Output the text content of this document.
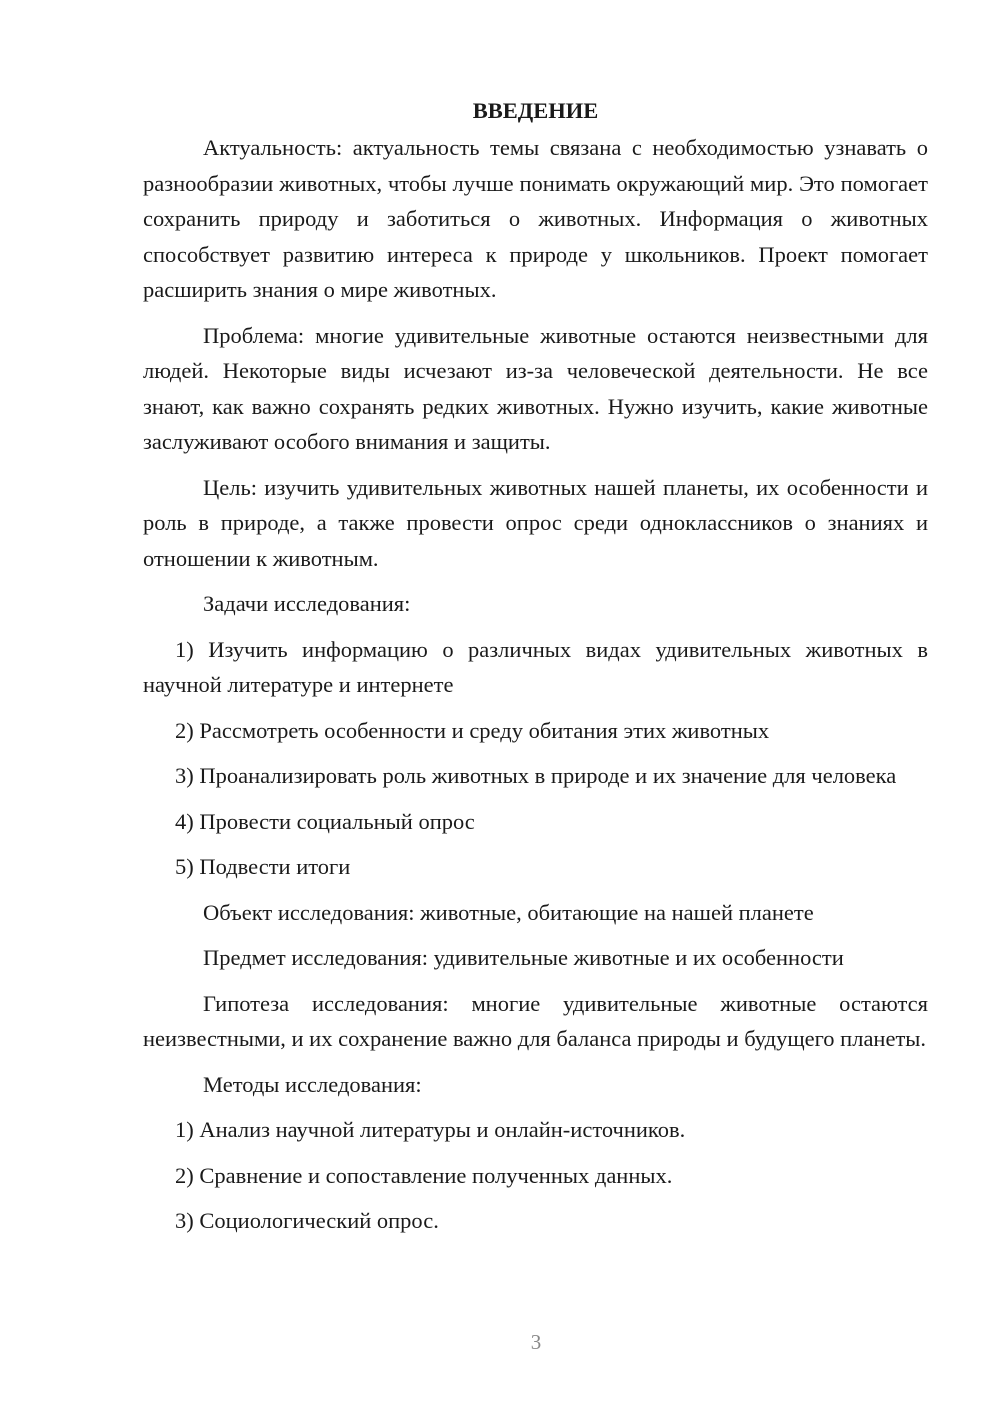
ВВЕДЕНИЕ

Актуальность: актуальность темы связана с необходимостью узнавать о разнообразии животных, чтобы лучше понимать окружающий мир. Это помогает сохранить природу и заботиться о животных. Информация о животных способствует развитию интереса к природе у школьников. Проект помогает расширить знания о мире животных.

Проблема: многие удивительные животные остаются неизвестными для людей. Некоторые виды исчезают из-за человеческой деятельности. Не все знают, как важно сохранять редких животных. Нужно изучить, какие животные заслуживают особого внимания и защиты.

Цель: изучить удивительных животных нашей планеты, их особенности и роль в природе, а также провести опрос среди одноклассников о знаниях и отношении к животным.

Задачи исследования:

1) Изучить информацию о различных видах удивительных животных в научной литературе и интернете

2) Рассмотреть особенности и среду обитания этих животных

3) Проанализировать роль животных в природе и их значение для человека

4) Провести социальный опрос

5) Подвести итоги

Объект исследования: животные, обитающие на нашей планете

Предмет исследования: удивительные животные и их особенности

Гипотеза исследования: многие удивительные животные остаются неизвестными, и их сохранение важно для баланса природы и будущего планеты.

Методы исследования:

1) Анализ научной литературы и онлайн-источников.

2) Сравнение и сопоставление полученных данных.

3) Социологический опрос.

3
